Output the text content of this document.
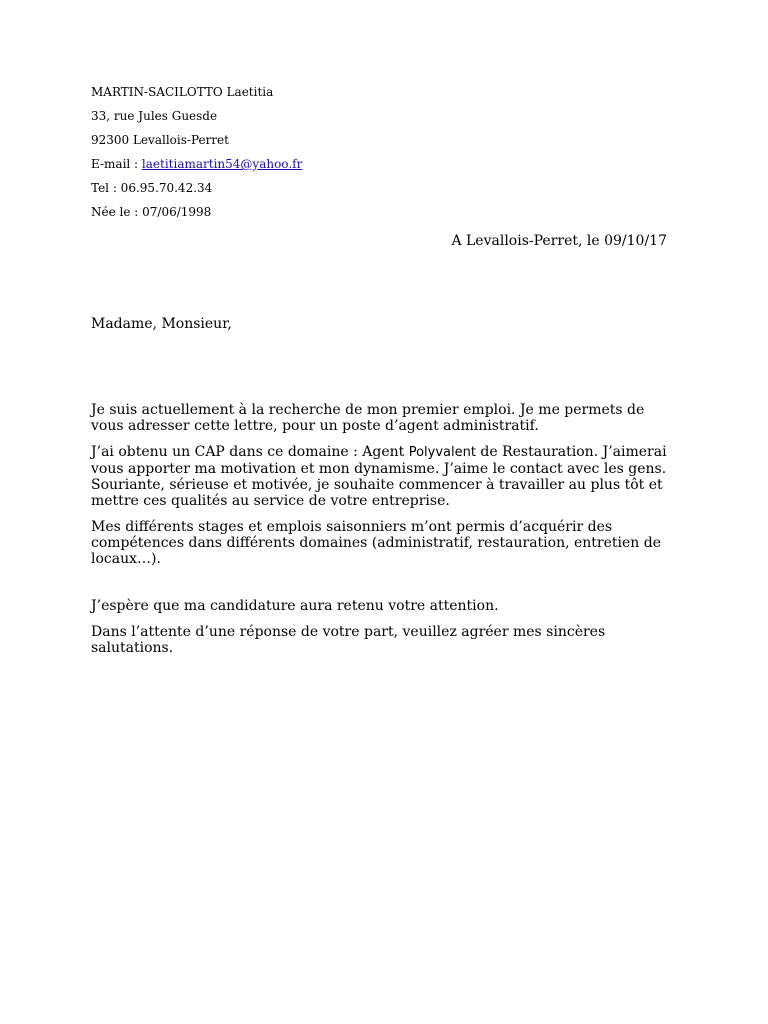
MARTIN-SACILOTTO Laetitia
33, rue Jules Guesde
92300 Levallois-Perret
E-mail : laetitiamartin54@yahoo.fr
Tel : 06.95.70.42.34
Née le : 07/06/1998
A Levallois-Perret, le 09/10/17
Madame, Monsieur,

Je suis actuellement à la recherche de mon premier emploi. Je me permets de vous adresser cette lettre, pour un poste d’agent administratif.

J’ai obtenu un CAP dans ce domaine : Agent Polyvalent de Restauration. J’aimerai vous apporter ma motivation et mon dynamisme. J’aime le contact avec les gens. Souriante, sérieuse et motivée, je souhaite commencer à travailler au plus tôt et mettre ces qualités au service de votre entreprise.

Mes différents stages et emplois saisonniers m’ont permis d’acquérir des compétences dans différents domaines (administratif, restauration, entretien de locaux…).

J’espère que ma candidature aura retenu votre attention.

Dans l’attente d’une réponse de votre part, veuillez agréer mes sincères salutations.
